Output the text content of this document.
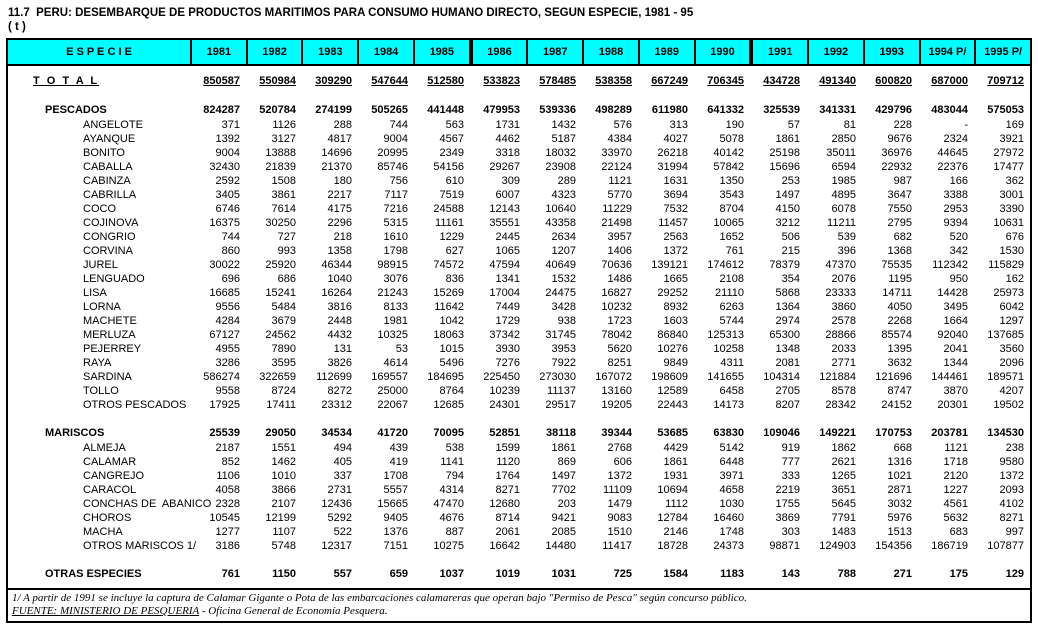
11.7  PERU: DESEMBARQUE DE PRODUCTOS MARITIMOS PARA CONSUMO HUMANO DIRECTO, SEGUN ESPECIE, 1981 - 95
( t )
E S P E C I E	1981	1982	1983	1984	1985	1986	1987	1988	1989	1990	1991	1992	1993	1994 P/	1995 P/
T O T A L	850587	550984	309290	547644	512580	533823	578485	538358	667249	706345	434728	491340	600820	687000	709712
PESCADOS	824287	520784	274199	505265	441448	479953	539336	498289	611980	641332	325539	341331	429796	483044	575053
ANGELOTE	371	1126	288	744	563	1731	1432	576	313	190	57	81	228	-	169
AYANQUE	1392	3127	4817	9004	4567	4462	5187	4384	4027	5078	1861	2850	9676	2324	3921
BONITO	9004	13888	14696	20995	2349	3318	18032	33970	26218	40142	25198	35011	36976	44645	27972
CABALLA	32430	21839	21370	85746	54156	29267	23908	22124	31994	57842	15696	6594	22932	22376	17477
CABINZA	2592	1508	180	756	610	309	289	1121	1631	1350	253	1985	987	166	362
CABRILLA	3405	3861	2217	7117	7519	6007	4323	5770	3694	3543	1497	4895	3647	3388	3001
COCO	6746	7614	4175	7216	24588	12143	10640	11229	7532	8704	4150	6078	7550	2953	3390
COJINOVA	16375	30250	2296	5315	11161	35551	43358	21498	11457	10065	3212	11211	2795	9394	10631
CONGRIO	744	727	218	1610	1229	2445	2634	3957	2563	1652	506	539	682	520	676
CORVINA	860	993	1358	1798	627	1065	1207	1406	1372	761	215	396	1368	342	1530
JUREL	30022	25920	46344	98915	74572	47594	40649	70636	139121	174612	78379	47370	75535	112342	115829
LENGUADO	696	686	1040	3076	836	1341	1532	1486	1665	2108	354	2076	1195	950	162
LISA	16685	15241	16264	21243	15269	17004	24475	16827	29252	21110	5868	23333	14711	14428	25973
LORNA	9556	5484	3816	8133	11642	7449	3428	10232	8932	6263	1364	3860	4050	3495	6042
MACHETE	4284	3679	2448	1981	1042	1729	938	1723	1603	5744	2974	2578	2268	1664	1297
MERLUZA	67127	24562	4432	10325	18063	37342	31745	78042	86840	125313	65300	28866	85574	92040	137685
PEJERREY	4955	7890	131	53	1015	3930	3953	5620	10276	10258	1348	2033	1395	2041	3560
RAYA	3286	3595	3826	4614	5496	7276	7922	8251	9849	4311	2081	2771	3632	1344	2096
SARDINA	586274	322659	112699	169557	184695	225450	273030	167072	198609	141655	104314	121884	121696	144461	189571
TOLLO	9558	8724	8272	25000	8764	10239	11137	13160	12589	6458	2705	8578	8747	3870	4207
OTROS PESCADOS	17925	17411	23312	22067	12685	24301	29517	19205	22443	14173	8207	28342	24152	20301	19502
MARISCOS	25539	29050	34534	41720	70095	52851	38118	39344	53685	63830	109046	149221	170753	203781	134530
ALMEJA	2187	1551	494	439	538	1599	1861	2768	4429	5142	919	1862	668	1121	238
CALAMAR	852	1462	405	419	1141	1120	869	606	1861	6448	777	2621	1316	1718	9580
CANGREJO	1106	1010	337	1708	794	1764	1497	1372	1931	3971	333	1265	1021	2120	1372
CARACOL	4058	3866	2731	5557	4314	8271	7702	11109	10694	4658	2219	3651	2871	1227	2093
CONCHAS DE  ABANICO 2328	2107	12436	15665	47470	12680	203	1479	1112	1030	1755	5645	3032	4561	4102
CHOROS	10545	12199	5292	9405	4676	8714	9421	9083	12784	16460	3869	7791	5976	5632	8271
MACHA	1277	1107	522	1376	887	2061	2085	1510	2146	1748	303	1483	1513	683	997
OTROS MARISCOS 1/	3186	5748	12317	7151	10275	16642	14480	11417	18728	24373	98871	124903	154356	186719	107877
OTRAS ESPECIES	761	1150	557	659	1037	1019	1031	725	1584	1183	143	788	271	175	129
1/ A partir de 1991 se incluye la captura de Calamar Gigante o Pota de las embarcaciones calamareras que operan bajo "Permiso de Pesca" según concurso público.
FUENTE: MINISTERIO DE PESQUERIA - Oficina General de Economía Pesquera.
